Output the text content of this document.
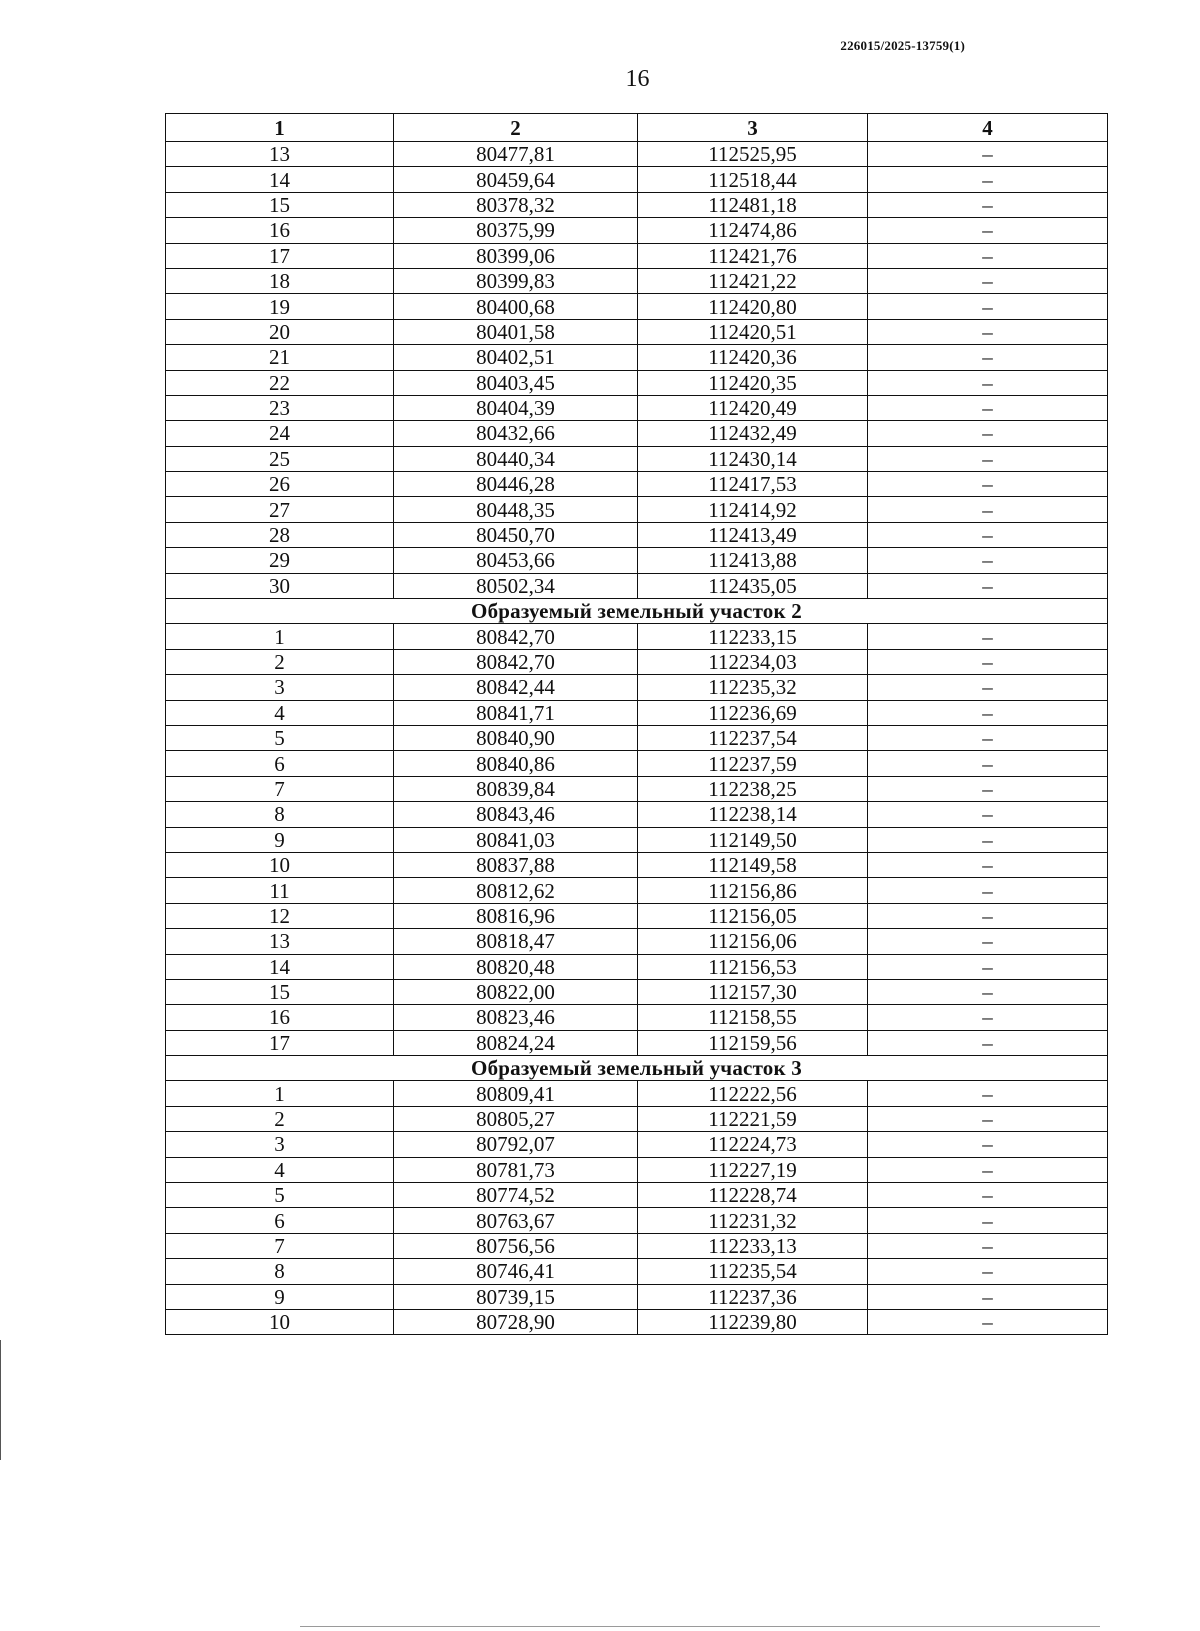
226015/2025-13759(1)
16
1	2	3	4
13	80477,81	112525,95	–
14	80459,64	112518,44	–
15	80378,32	112481,18	–
16	80375,99	112474,86	–
17	80399,06	112421,76	–
18	80399,83	112421,22	–
19	80400,68	112420,80	–
20	80401,58	112420,51	–
21	80402,51	112420,36	–
22	80403,45	112420,35	–
23	80404,39	112420,49	–
24	80432,66	112432,49	–
25	80440,34	112430,14	–
26	80446,28	112417,53	–
27	80448,35	112414,92	–
28	80450,70	112413,49	–
29	80453,66	112413,88	–
30	80502,34	112435,05	–
Образуемый земельный участок 2			
1	80842,70	112233,15	–
2	80842,70	112234,03	–
3	80842,44	112235,32	–
4	80841,71	112236,69	–
5	80840,90	112237,54	–
6	80840,86	112237,59	–
7	80839,84	112238,25	–
8	80843,46	112238,14	–
9	80841,03	112149,50	–
10	80837,88	112149,58	–
11	80812,62	112156,86	–
12	80816,96	112156,05	–
13	80818,47	112156,06	–
14	80820,48	112156,53	–
15	80822,00	112157,30	–
16	80823,46	112158,55	–
17	80824,24	112159,56	–
Образуемый земельный участок 3			
1	80809,41	112222,56	–
2	80805,27	112221,59	–
3	80792,07	112224,73	–
4	80781,73	112227,19	–
5	80774,52	112228,74	–
6	80763,67	112231,32	–
7	80756,56	112233,13	–
8	80746,41	112235,54	–
9	80739,15	112237,36	–
10	80728,90	112239,80	–
